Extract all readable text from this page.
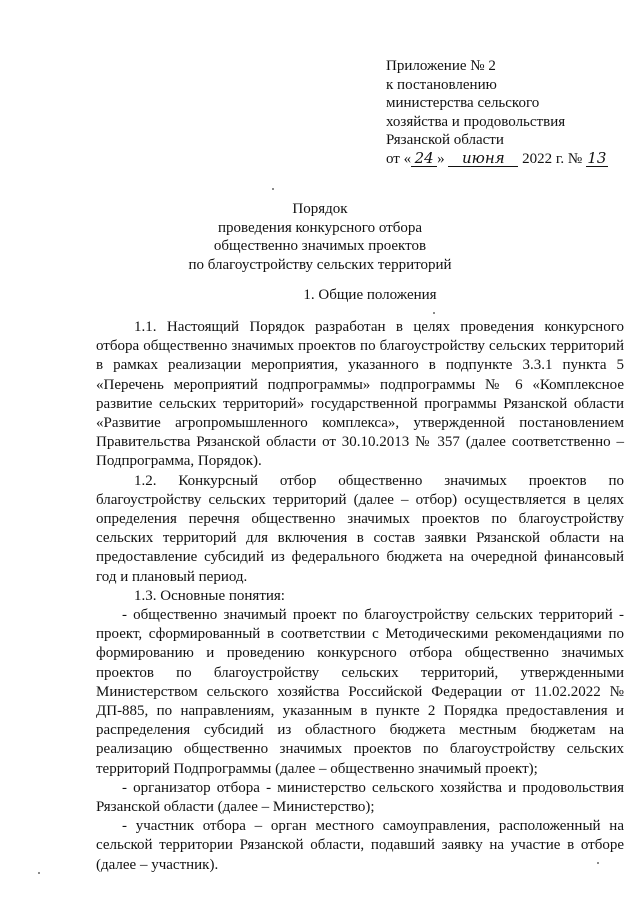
Приложение № 2
к постановлению
министерства сельского
хозяйства и продовольствия
Рязанской области
от « 24 » июня 2022 г. № 13
Порядок
проведения конкурсного отбора
общественно значимых проектов
по благоустройству сельских территорий
1. Общие положения

1.1. Настоящий Порядок разработан в целях проведения конкурсного отбора общественно значимых проектов по благоустройству сельских территорий в рамках реализации мероприятия, указанного в подпункте 3.3.1 пункта 5 «Перечень мероприятий подпрограммы» подпрограммы № 6 «Комплексное развитие сельских территорий» государственной программы Рязанской области «Развитие агропромышленного комплекса», утвержденной постановлением Правительства Рязанской области от 30.10.2013 № 357 (далее соответственно – Подпрограмма, Порядок).

1.2. Конкурсный отбор общественно значимых проектов по благоустройству сельских территорий (далее – отбор) осуществляется в целях определения перечня общественно значимых проектов по благоустройству сельских территорий для включения в состав заявки Рязанской области на предоставление субсидий из федерального бюджета на очередной финансовый год и плановый период.

1.3. Основные понятия:

- общественно значимый проект по благоустройству сельских территорий - проект, сформированный в соответствии с Методическими рекомендациями по формированию и проведению конкурсного отбора общественно значимых проектов по благоустройству сельских территорий, утвержденными Министерством сельского хозяйства Российской Федерации от 11.02.2022 № ДП-885, по направлениям, указанным в пункте 2 Порядка предоставления и распределения субсидий из областного бюджета местным бюджетам на реализацию общественно значимых проектов по благоустройству сельских территорий Подпрограммы (далее – общественно значимый проект);

- организатор отбора - министерство сельского хозяйства и продовольствия Рязанской области (далее – Министерство);

- участник отбора – орган местного самоуправления, расположенный на сельской территории Рязанской области, подавший заявку на участие в отборе (далее – участник).
